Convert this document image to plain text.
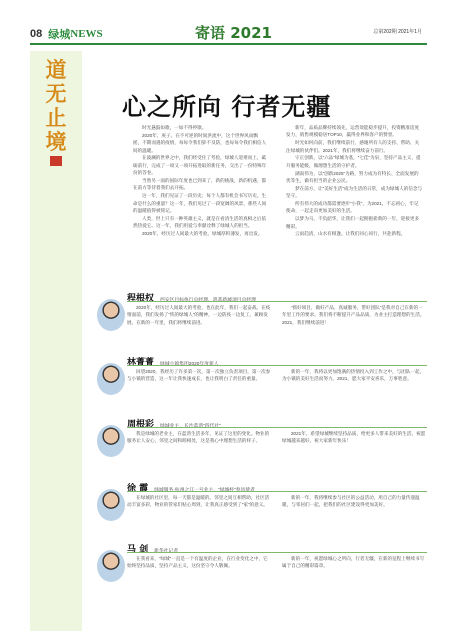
08 绿城 NEWS	寄语 2021	总第202期 2021年1月
道
无
止
境
心之所向 行者无疆

时光悬鼓如歌，一如不得停歇。

2020年，庚子。在不可逆的时间洪流中，这个世界风雨飘摇，不期而遇的疫情，每每令我们猝不及防，也每每令我们相信人间的温暖。

在波澜的世界之中，我们经受住了考验，绿城人迎难而上，砥砺前行，完成了一项又一项开拓进取的新任务，交出了一份特殊年份的答卷。

当然另一面的国际年度也已到来了，新的挑战，新的机遇，都在前方等待着我们去开拓。

这一年，我们见证了一段历史；每个人都有机会书写历史。生命是什么的重量？这一年，我们见过了一段宽阔的风景，那些人间的温暖值得被铭记。

人类，世上只有一种英雄主义，就是在看清生活的真相之后依然热爱它。这一年，我们用爱与奉献诠释了绿城人的担当。

2020年，经历过人间最大的考验，绿城厚积薄发，再出发。

新年，品质品牌持续领先，运营效能稳步提升，投资精准适度发力，销售规模稳居TOP10，赢得业界和客户的赞誉。

时光如何向前，我们继续前行，感谢所有人的支持、帮助、关注绿城的伙伴们。2021年，我们将继续奋力前行。

守正创新，以“六品”绿城为基，“七佳”为泉，坚持产品主义，提升服务能级，做理想生活的守护者。

湖南伟为，以“创新2025”为路，努力成为有特长、全面发展的优等生，做有担当的企业公民。

梦在前方，让“美好生活”成为生活的日常，成为绿城人的信念与坚守。

所有伟大的成功都需要逐步“小我”，为2021，不忘初心，牢记使命，一起走向更加美好的生活。

以梦为马，不负韶华，让我们一起拥抱崭新的一年，迎接更多精彩。

云雨趋清，山水有相逢。让我们同心同行，共赴新程。

程根权 西安区目标执行总经理、鸿基新城项目总经理

2020年，经历过人间最大的考验，也在此年，我们一起奋战。在疫情面前，我们发扬了“铁的绿城人”的精神，一边防疫一边复工，兼顾发展。在新的一年里，我们将继续前进。

“抓好项目，做好产品，真诚服务，带好团队”是我对自己在新的一年里工作的要求。我们将不断提升产品品质，为业主打造理想的生活。2021，我们继续前进！

林菁菁 绿城小镇集团2020年度新人

回望2020，我经历了许多第一次，第一次独立负责项目，第一次参与小镇的营造，这一年让我快速成长，也让我明白了责任的重量。

新的一年，我将以更加饱满的热情投入到工作之中，与团队一起，为小镇的美好生活而努力。2021，愿大家平安喜乐，万事胜意。

周根彩 绿城业主，长沙蓝湾“四代社”

我是绿城的老业主，在蓝湾生活多年，见证了这里的变化。物业的服务让人安心，邻里之间和睦相处，这是我心中理想生活的样子。

2021年，希望绿城继续坚持品质，给更多人带来美好的生活。祝愿绿城越来越好，祝大家新年快乐！

徐 霞 绿城服务·杭州之江一号业主，“绿城杯”春风使者

在绿城的社区里，每一天都是温暖的。邻里之间互相帮助，社区活动丰富多彩，物业的管家们贴心周到，让我真正感受到了“家”的意义。

新的一年，我将继续参与社区的公益活动，用自己的力量传递温暖，与邻居们一起，把我们的社区建设得更加美好。

马 剑 新华社记者

在我看来，“绿城”一直是一个有温度的企业，在行业变化之中，它始终坚持品质，坚持产品主义，这份坚守令人敬佩。

新的一年，祝愿绿城心之所向，行者无疆，在新的征程上继续书写属于自己的精彩篇章。
